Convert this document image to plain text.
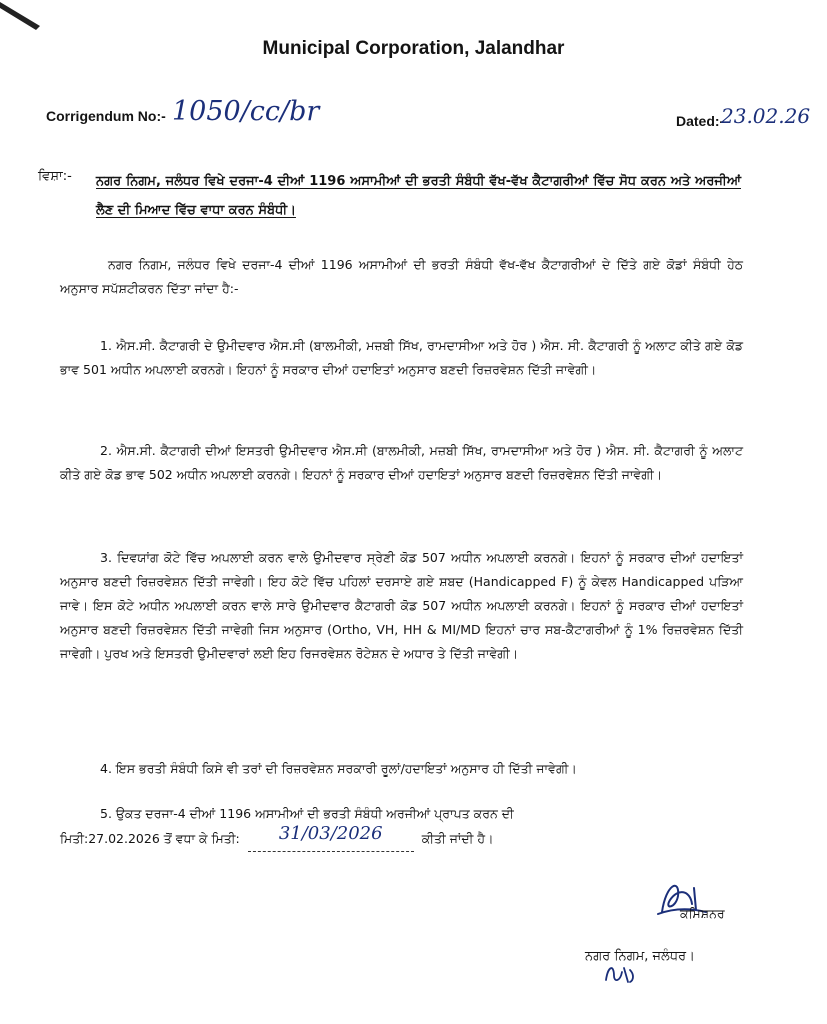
Municipal Corporation, Jalandhar
Corrigendum No:- 1050/cc/br	Dated:-
23.02.26
ਵਿਸ਼ਾ:- ਨਗਰ ਨਿਗਮ, ਜਲੰਧਰ ਵਿਖੇ ਦਰਜਾ-4 ਦੀਆਂ 1196 ਅਸਾਮੀਆਂ ਦੀ ਭਰਤੀ ਸੰਬੰਧੀ ਵੱਖ-ਵੱਖ ਕੈਟਾਗਰੀਆਂ ਵਿੱਚ ਸੋਧ ਕਰਨ ਅਤੇ ਅਰਜੀਆਂ ਲੈਣ ਦੀ ਮਿਆਦ ਵਿੱਚ ਵਾਧਾ ਕਰਨ ਸੰਬੰਧੀ।
ਨਗਰ ਨਿਗਮ, ਜਲੰਧਰ ਵਿਖੇ ਦਰਜਾ-4 ਦੀਆਂ 1196 ਅਸਾਮੀਆਂ ਦੀ ਭਰਤੀ ਸੰਬੰਧੀ ਵੱਖ-ਵੱਖ ਕੈਟਾਗਰੀਆਂ ਦੇ ਦਿੱਤੇ ਗਏ ਕੋਡਾਂ ਸੰਬੰਧੀ ਹੇਠ ਅਨੁਸਾਰ ਸਪੱਸ਼ਟੀਕਰਨ ਦਿੱਤਾ ਜਾਂਦਾ ਹੈ:-
1. ਐਸ.ਸੀ. ਕੈਟਾਗਰੀ ਦੇ ਉਮੀਦਵਾਰ ਐਸ.ਸੀ (ਬਾਲਮੀਕੀ, ਮਜ਼ਬੀ ਸਿੱਖ, ਰਾਮਦਾਸੀਆ ਅਤੇ ਹੋਰ ) ਐਸ. ਸੀ. ਕੈਟਾਗਰੀ ਨੂੰ ਅਲਾਟ ਕੀਤੇ ਗਏ ਕੋਡ ਭਾਵ 501 ਅਧੀਨ ਅਪਲਾਈ ਕਰਨਗੇ। ਇਹਨਾਂ ਨੂੰ ਸਰਕਾਰ ਦੀਆਂ ਹਦਾਇਤਾਂ ਅਨੁਸਾਰ ਬਣਦੀ ਰਿਜ਼ਰਵੇਸ਼ਨ ਦਿੱਤੀ ਜਾਵੇਗੀ।
2. ਐਸ.ਸੀ. ਕੈਟਾਗਰੀ ਦੀਆਂ ਇਸਤਰੀ ਉਮੀਦਵਾਰ ਐਸ.ਸੀ (ਬਾਲਮੀਕੀ, ਮਜ਼ਬੀ ਸਿੱਖ, ਰਾਮਦਾਸੀਆ ਅਤੇ ਹੋਰ ) ਐਸ. ਸੀ. ਕੈਟਾਗਰੀ ਨੂੰ ਅਲਾਟ ਕੀਤੇ ਗਏ ਕੋਡ ਭਾਵ 502 ਅਧੀਨ ਅਪਲਾਈ ਕਰਨਗੇ। ਇਹਨਾਂ ਨੂੰ ਸਰਕਾਰ ਦੀਆਂ ਹਦਾਇਤਾਂ ਅਨੁਸਾਰ ਬਣਦੀ ਰਿਜ਼ਰਵੇਸ਼ਨ ਦਿੱਤੀ ਜਾਵੇਗੀ।
3. ਦਿਵਯਾਂਗ ਕੋਟੇ ਵਿੱਚ ਅਪਲਾਈ ਕਰਨ ਵਾਲੇ ਉਮੀਦਵਾਰ ਸ੍ਰੇਣੀ ਕੋਡ 507 ਅਧੀਨ ਅਪਲਾਈ ਕਰਨਗੇ। ਇਹਨਾਂ ਨੂੰ ਸਰਕਾਰ ਦੀਆਂ ਹਦਾਇਤਾਂ ਅਨੁਸਾਰ ਬਣਦੀ ਰਿਜ਼ਰਵੇਸ਼ਨ ਦਿੱਤੀ ਜਾਵੇਗੀ। ਇਹ ਕੋਟੇ ਵਿੱਚ ਪਹਿਲਾਂ ਦਰਸਾਏ ਗਏ ਸ਼ਬਦ (Handicapped F) ਨੂੰ ਕੇਵਲ Handicapped ਪੜਿਆ ਜਾਵੇ। ਇਸ ਕੋਟੇ ਅਧੀਨ ਅਪਲਾਈ ਕਰਨ ਵਾਲੇ ਸਾਰੇ ਉਮੀਦਵਾਰ ਕੈਟਾਗਰੀ ਕੋਡ 507 ਅਧੀਨ ਅਪਲਾਈ ਕਰਨਗੇ। ਇਹਨਾਂ ਨੂੰ ਸਰਕਾਰ ਦੀਆਂ ਹਦਾਇਤਾਂ ਅਨੁਸਾਰ ਬਣਦੀ ਰਿਜ਼ਰਵੇਸ਼ਨ ਦਿੱਤੀ ਜਾਵੇਗੀ ਜਿਸ ਅਨੁਸਾਰ (Ortho, VH, HH & MI/MD ਇਹਨਾਂ ਚਾਰ ਸਬ-ਕੈਟਾਗਰੀਆਂ ਨੂੰ 1% ਰਿਜ਼ਰਵੇਸ਼ਨ ਦਿੱਤੀ ਜਾਵੇਗੀ। ਪੁਰਖ ਅਤੇ ਇਸਤਰੀ ਉਮੀਦਵਾਰਾਂ ਲਈ ਇਹ ਰਿਜਰਵੇਸ਼ਨ ਰੋਟੇਸ਼ਨ ਦੇ ਅਧਾਰ ਤੇ ਦਿੱਤੀ ਜਾਵੇਗੀ।
4. ਇਸ ਭਰਤੀ ਸੰਬੰਧੀ ਕਿਸੇ ਵੀ ਤਰਾਂ ਦੀ ਰਿਜ਼ਰਵੇਸ਼ਨ ਸਰਕਾਰੀ ਰੂਲਾਂ/ਹਦਾਇਤਾਂ ਅਨੁਸਾਰ ਹੀ ਦਿੱਤੀ ਜਾਵੇਗੀ।
5. ਉਕਤ ਦਰਜਾ-4 ਦੀਆਂ 1196 ਅਸਾਮੀਆਂ ਦੀ ਭਰਤੀ ਸੰਬੰਧੀ ਅਰਜੀਆਂ ਪ੍ਰਾਪਤ ਕਰਨ ਦੀ
ਮਿਤੀ:27.02.2026 ਤੋਂ ਵਧਾ ਕੇ ਮਿਤੀ: 31/03/2026	ਕੀਤੀ ਜਾਂਦੀ ਹੈ।
ਕਮਿਸ਼ਨਰ
ਨਗਰ ਨਿਗਮ, ਜਲੰਧਰ।
